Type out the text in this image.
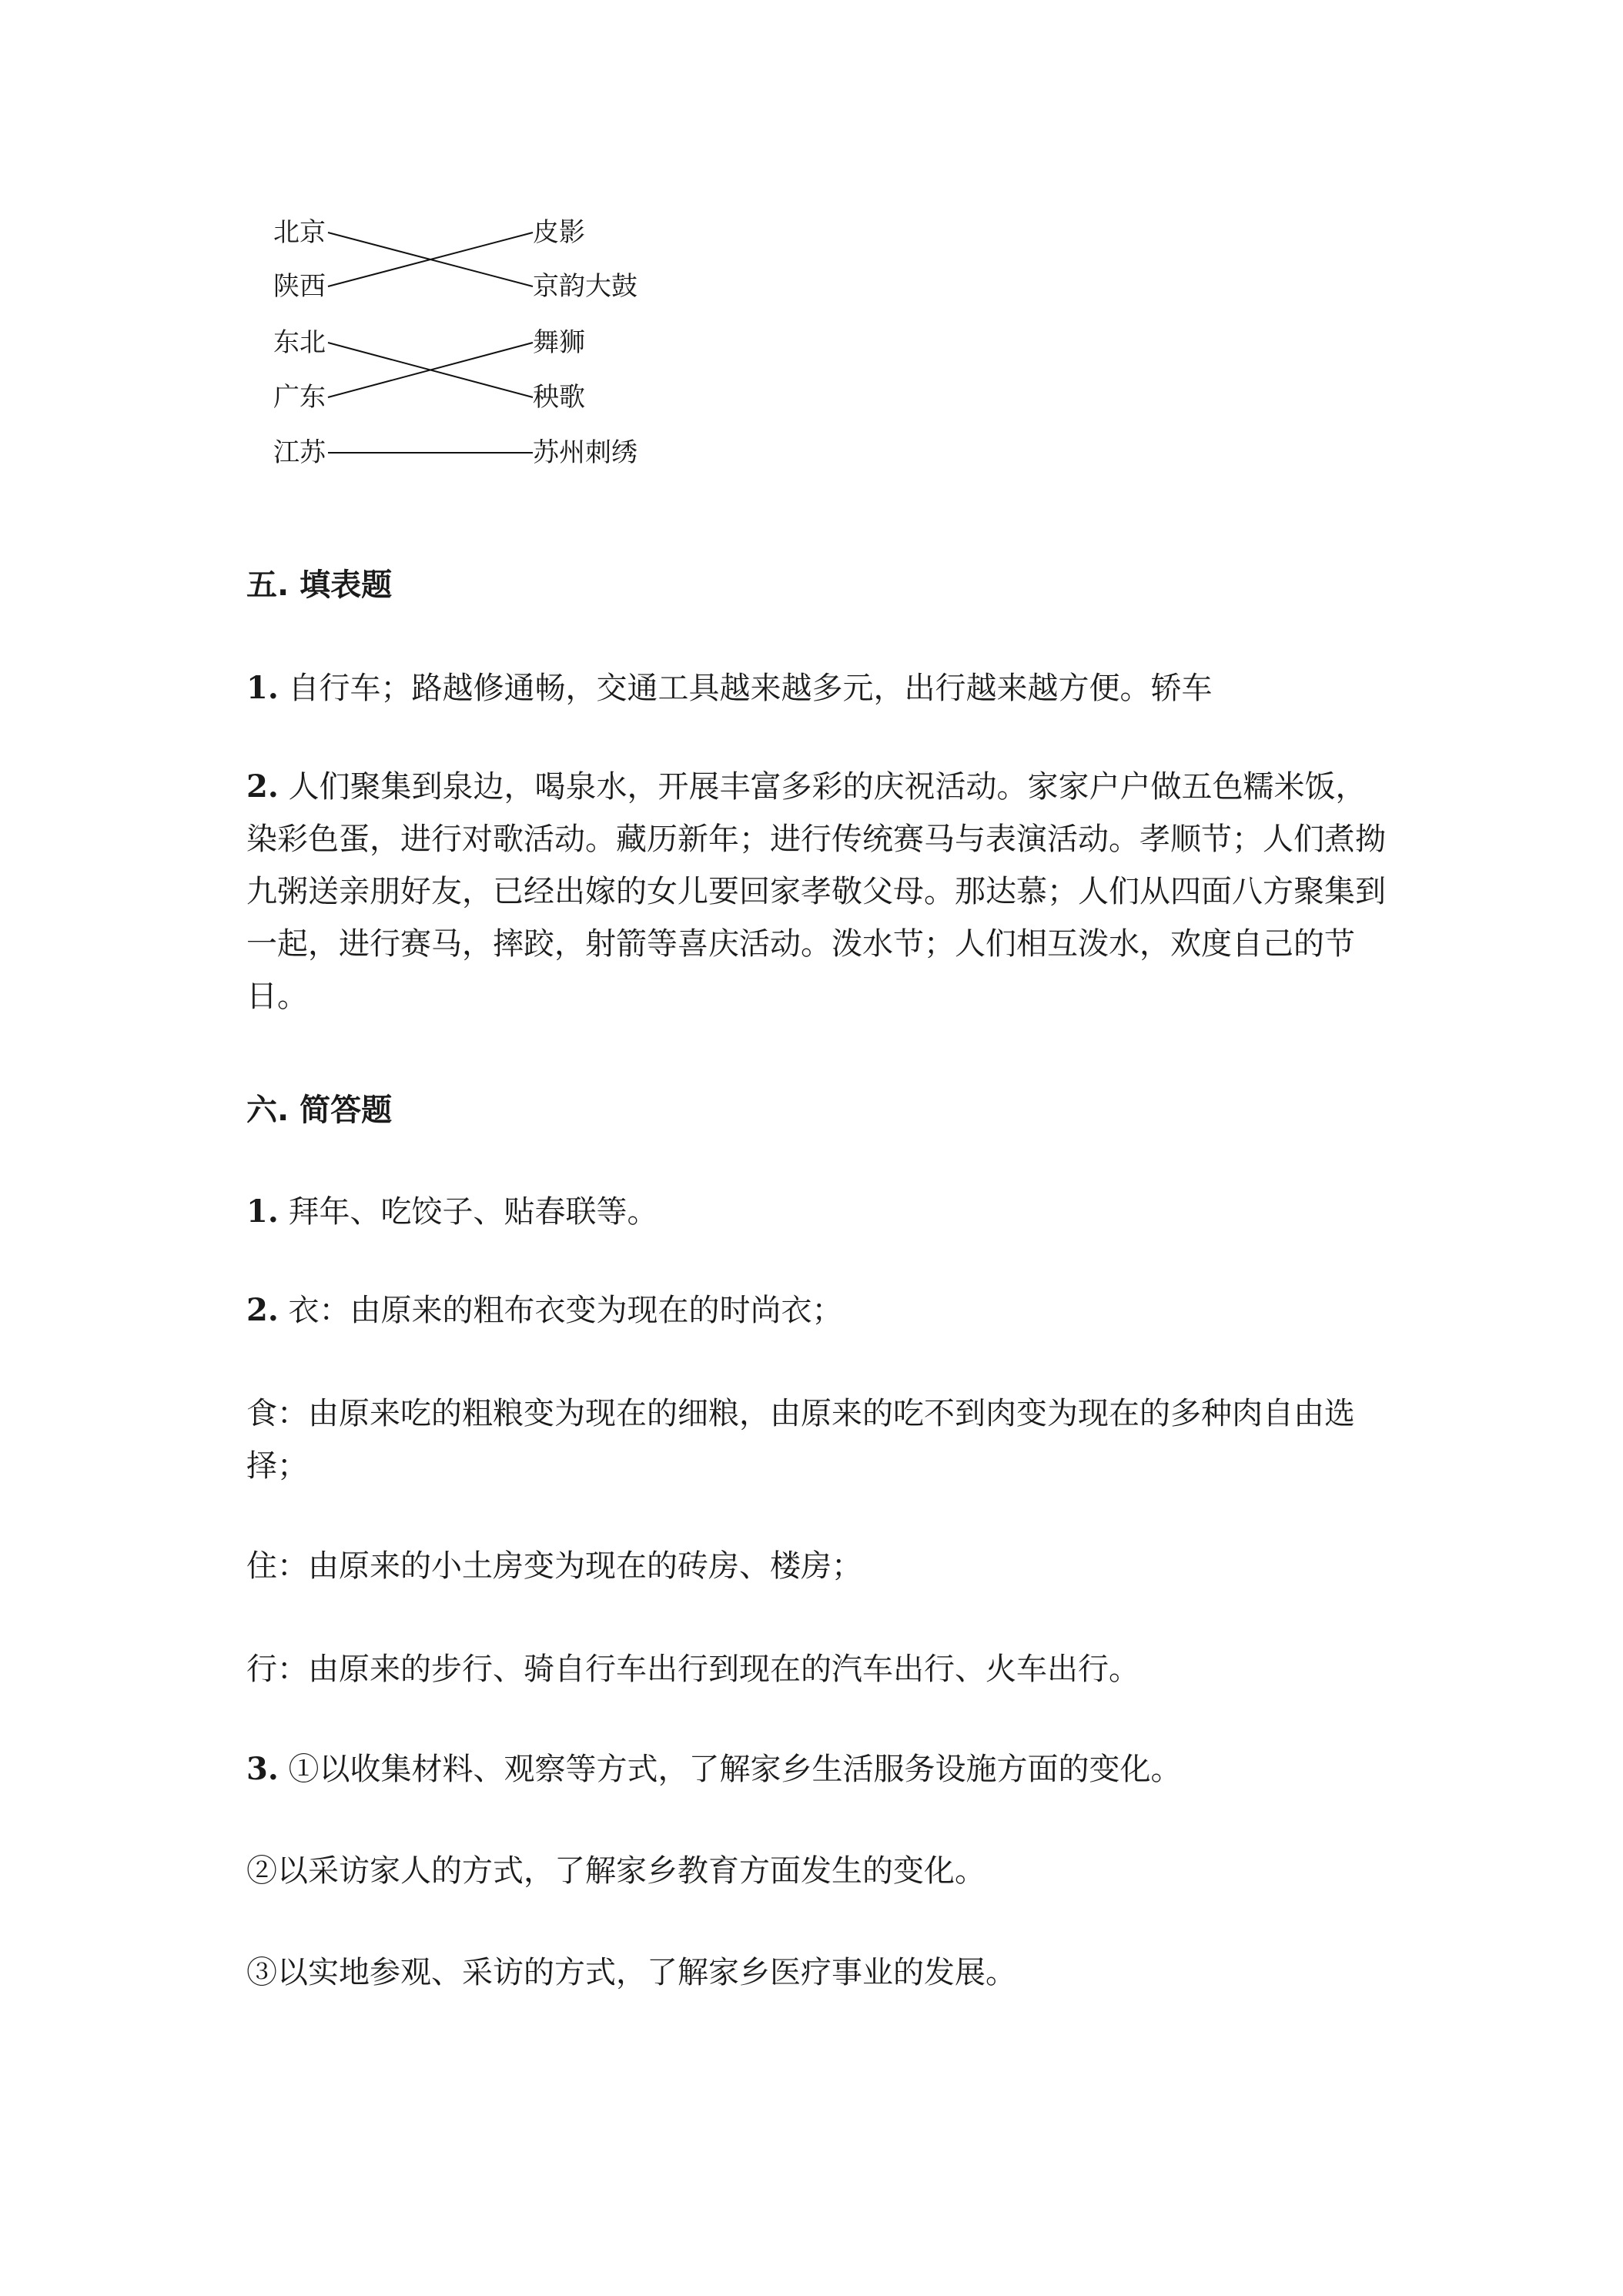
北京
陕西
东北
广东
江苏
皮影
京韵大鼓
舞狮
秧歌
苏州刺绣
五. 填表题

1. 自行车；路越修通畅，交通工具越来越多元，出行越来越方便。轿车

2. 人们聚集到泉边，喝泉水，开展丰富多彩的庆祝活动。家家户户做五色糯米饭，染彩色蛋，进行对歌活动。藏历新年；进行传统赛马与表演活动。孝顺节；人们煮拗九粥送亲朋好友，已经出嫁的女儿要回家孝敬父母。那达慕；人们从四面八方聚集到一起，进行赛马，摔跤，射箭等喜庆活动。泼水节；人们相互泼水，欢度自己的节日。

六. 简答题

1. 拜年、吃饺子、贴春联等。

2. 衣：由原来的粗布衣变为现在的时尚衣；

食：由原来吃的粗粮变为现在的细粮，由原来的吃不到肉变为现在的多种肉自由选择；

住：由原来的小土房变为现在的砖房、楼房；

行：由原来的步行、骑自行车出行到现在的汽车出行、火车出行。

3. ①以收集材料、观察等方式，了解家乡生活服务设施方面的变化。

②以采访家人的方式，了解家乡教育方面发生的变化。

③以实地参观、采访的方式，了解家乡医疗事业的发展。
